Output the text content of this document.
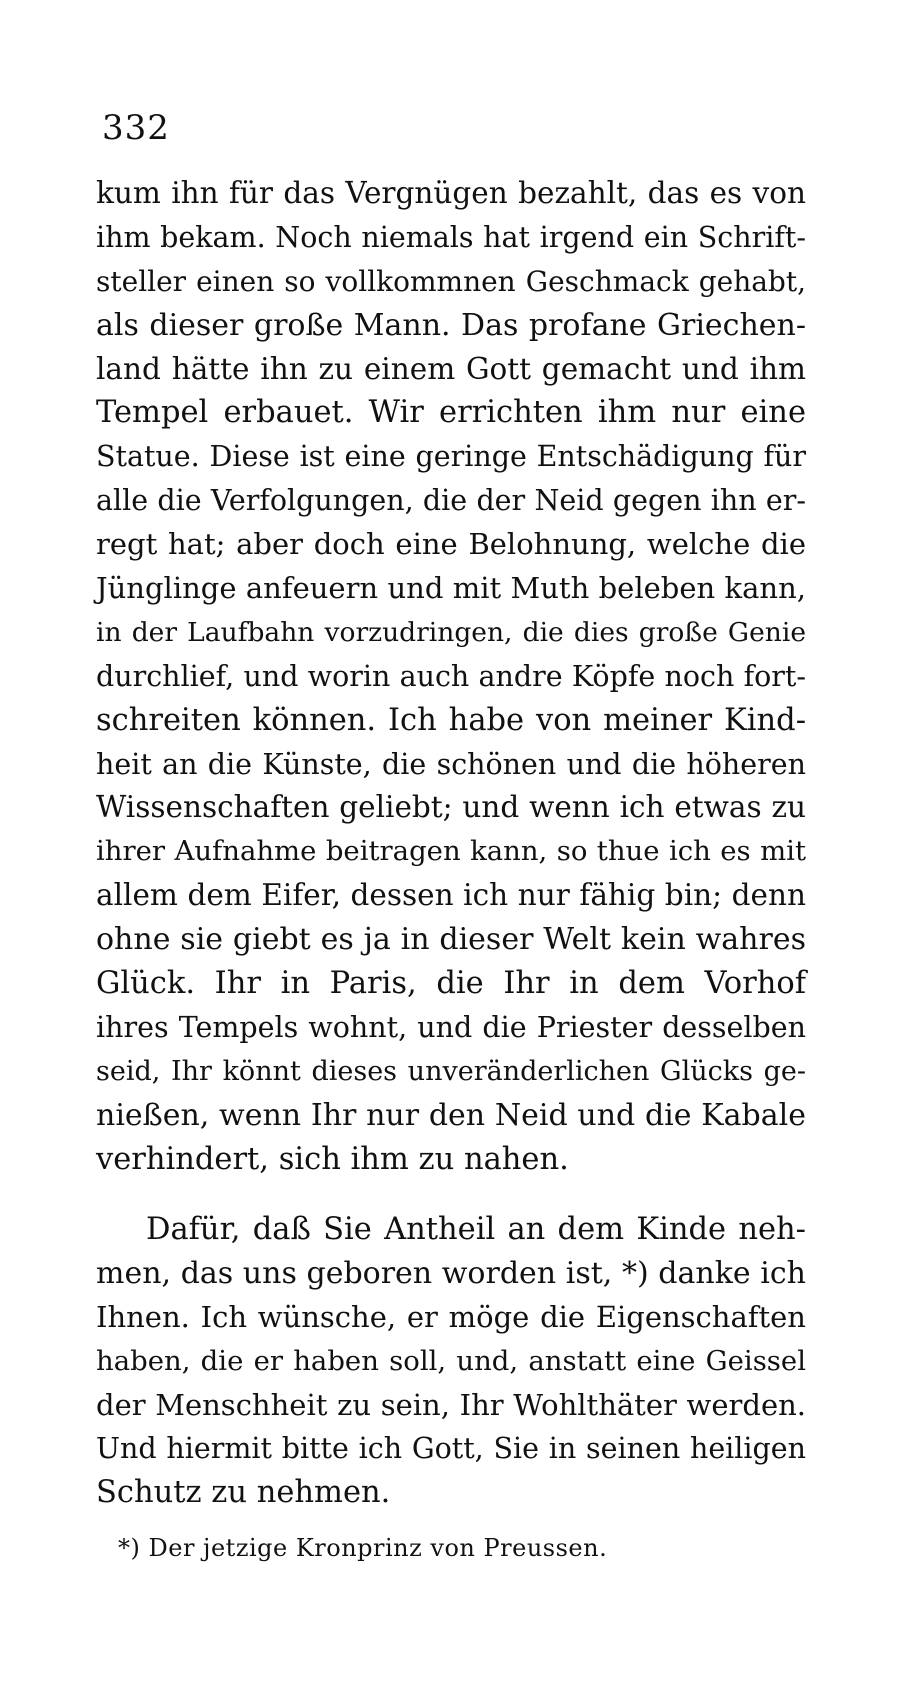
332
kum ihn für das Vergnügen bezahlt, das es von
ihm bekam. Noch niemals hat irgend ein Schrift-
steller einen so vollkommnen Geschmack gehabt,
als dieser große Mann. Das profane Griechen-
land hätte ihn zu einem Gott gemacht und ihm
Tempel erbauet. Wir errichten ihm nur eine
Statue. Diese ist eine geringe Entschädigung für
alle die Verfolgungen, die der Neid gegen ihn er-
regt hat; aber doch eine Belohnung, welche die
Jünglinge anfeuern und mit Muth beleben kann,
in der Laufbahn vorzudringen, die dies große Genie
durchlief, und worin auch andre Köpfe noch fort-
schreiten können. Ich habe von meiner Kind-
heit an die Künste, die schönen und die höheren
Wissenschaften geliebt; und wenn ich etwas zu
ihrer Aufnahme beitragen kann, so thue ich es mit
allem dem Eifer, dessen ich nur fähig bin; denn
ohne sie giebt es ja in dieser Welt kein wahres
Glück. Ihr in Paris, die Ihr in dem Vorhof
ihres Tempels wohnt, und die Priester desselben
seid, Ihr könnt dieses unveränderlichen Glücks ge-
nießen, wenn Ihr nur den Neid und die Kabale
verhindert, sich ihm zu nahen.
Dafür, daß Sie Antheil an dem Kinde neh-
men, das uns geboren worden ist, *) danke ich
Ihnen. Ich wünsche, er möge die Eigenschaften
haben, die er haben soll, und, anstatt eine Geissel
der Menschheit zu sein, Ihr Wohlthäter werden.
Und hiermit bitte ich Gott, Sie in seinen heiligen
Schutz zu nehmen.
*) Der jetzige Kronprinz von Preussen.
